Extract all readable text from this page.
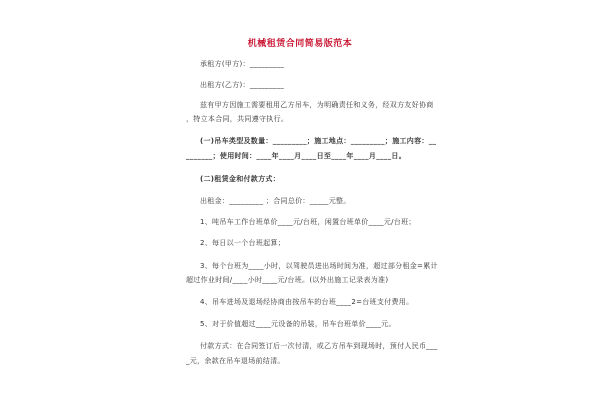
机械租赁合同简易版范本
承租方(甲方)：_________
出租方(乙方)：_________
兹有甲方因施工需要租用乙方吊车，为明确责任和义务，经双方友好协商
，特立本合同，共同遵守执行。
(一)吊车类型及数量：_________；施工地点：_________；施工内容：__
_______；使用时间：____年____月____日至____年____月____日。
(二)租赁金和付款方式：
出租金：_________ ；合同总价：_____元整。
1、吨吊车工作台班单价____元/台班，闲置台班单价____元/台班；
2、每日以一个台班起算；
3、每个台班为____小时，以驾驶员进出场时间为准，超过部分租金=累计
超过作业时间/____小时____元/台班。(以外出施工记录表为准)
4、吊车进场及退场经协商由按吊车的台班____2=台班支付费用。
5、对于价值超过____元设备的吊装，吊车台班单价____元。
付款方式：在合同签订后一次付清，或乙方吊车到现场时，预付人民币___
_元，余款在吊车退场前结清。
